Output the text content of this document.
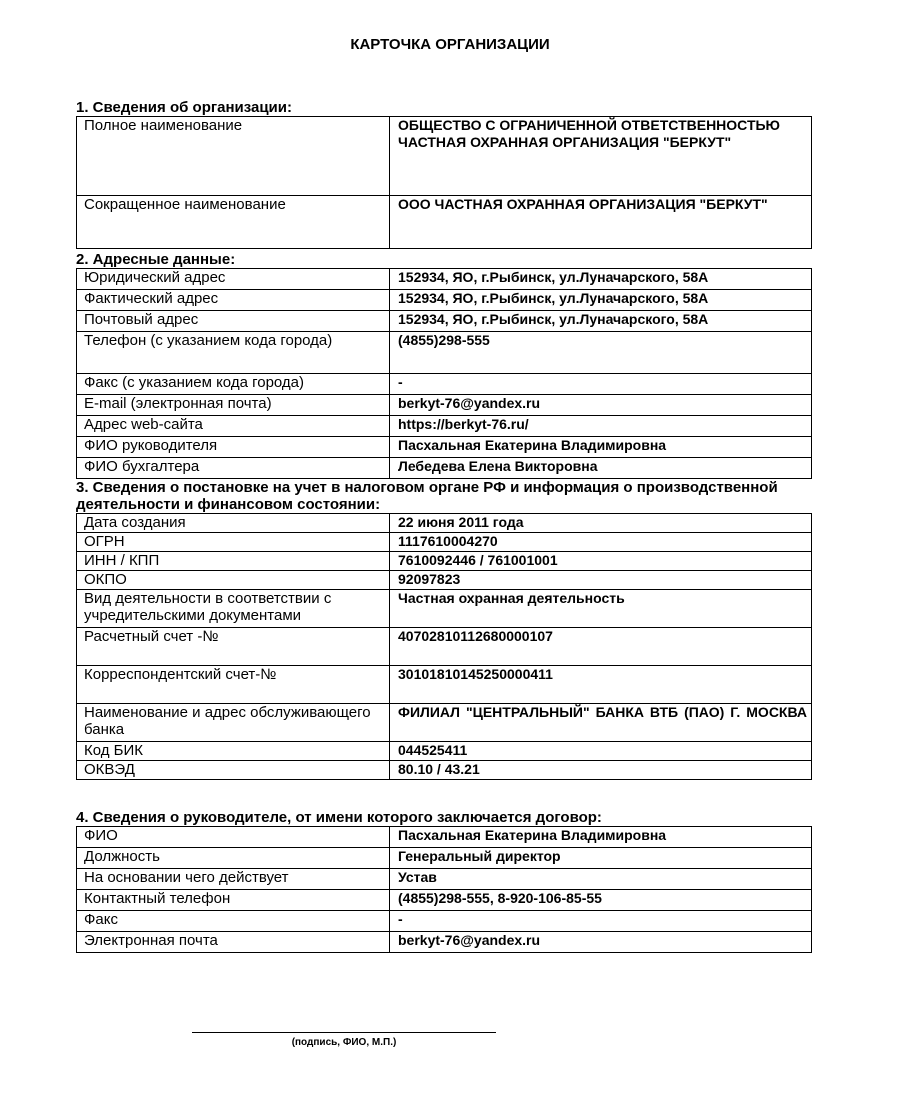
КАРТОЧКА ОРГАНИЗАЦИИ
1. Сведения об организации:
Полное наименование	ОБЩЕСТВО С ОГРАНИЧЕННОЙ ОТВЕТСТВЕННОСТЬЮ ЧАСТНАЯ ОХРАННАЯ ОРГАНИЗАЦИЯ "БЕРКУТ"
Сокращенное наименование	ООО ЧАСТНАЯ ОХРАННАЯ ОРГАНИЗАЦИЯ "БЕРКУТ"
2. Адресные данные:
Юридический адрес	152934, ЯО, г.Рыбинск, ул.Луначарского, 58А
Фактический адрес	152934, ЯО, г.Рыбинск, ул.Луначарского, 58А
Почтовый адрес	152934, ЯО, г.Рыбинск, ул.Луначарского, 58А
Телефон (с указанием кода города)	(4855)298-555
Факс (с указанием кода города)	-
E-mail (электронная почта)	berkyt-76@yandex.ru
Адрес web-сайта	https://berkyt-76.ru/
ФИО руководителя	Пасхальная Екатерина Владимировна
ФИО бухгалтера	Лебедева Елена Викторовна
3. Сведения о постановке на учет в налоговом органе РФ и информация о производственной деятельности и финансовом состоянии:
Дата создания	22 июня 2011 года
ОГРН	1117610004270
ИНН / КПП	7610092446 / 761001001
ОКПО	92097823
Вид деятельности в соответствии с учредительскими документами	Частная охранная деятельность
Расчетный счет -№	40702810112680000107
Корреспондентский счет-№	30101810145250000411
Наименование и адрес обслуживающего банка	ФИЛИАЛ "ЦЕНТРАЛЬНЫЙ" БАНКА ВТБ (ПАО) Г. МОСКВА
Код БИК	044525411
ОКВЭД	80.10 / 43.21
4. Сведения о руководителе, от имени которого заключается договор:
ФИО	Пасхальная Екатерина Владимировна
Должность	Генеральный директор
На основании чего действует	Устав
Контактный телефон	(4855)298-555, 8-920-106-85-55
Факс	-
Электронная почта	berkyt-76@yandex.ru
(подпись, ФИО, М.П.)
